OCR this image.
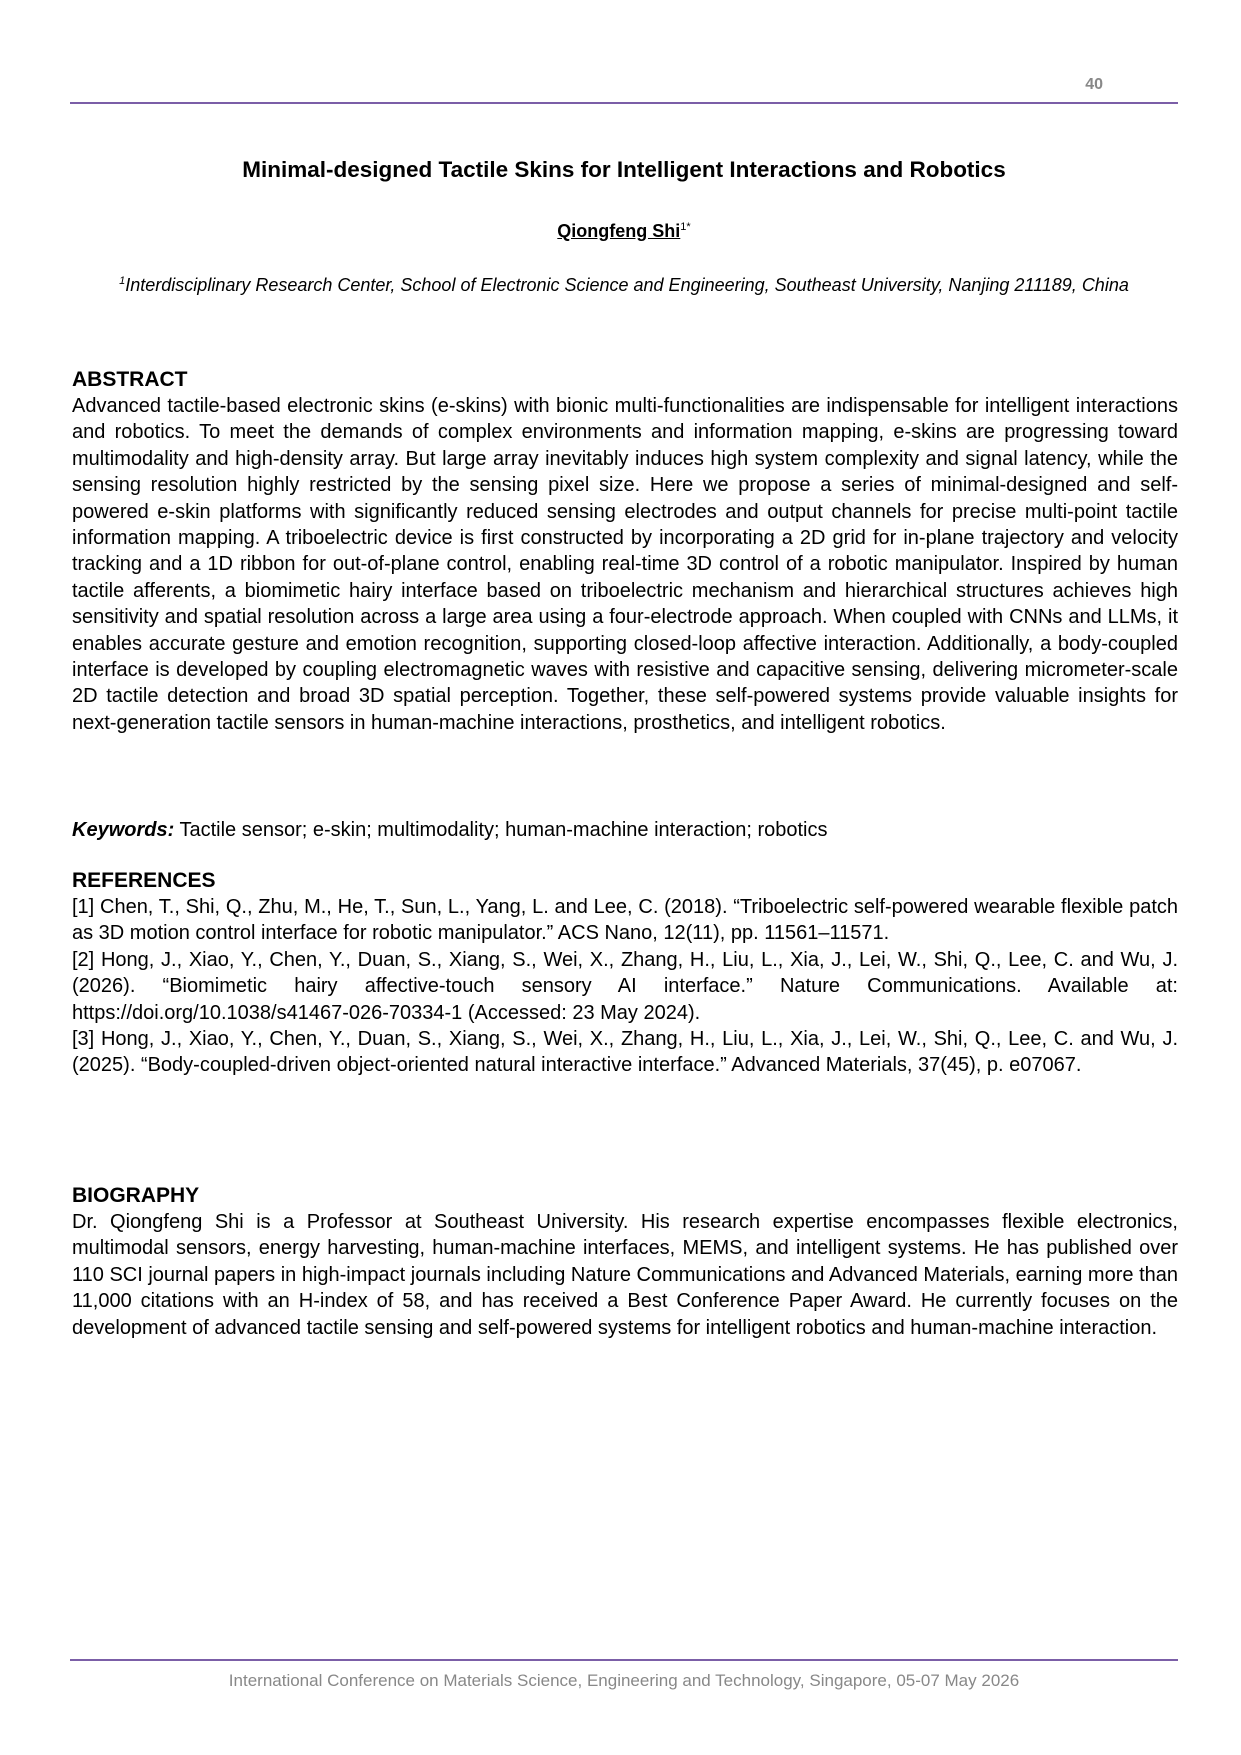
40
Minimal-designed Tactile Skins for Intelligent Interactions and Robotics
Qiongfeng Shi$^{1*}$
$^1$Interdisciplinary Research Center, School of Electronic Science and Engineering, Southeast University, Nanjing 211189, China
ABSTRACT

Advanced tactile-based electronic skins (e-skins) with bionic multi-functionalities are indispensable for intelligent interactions and robotics. To meet the demands of complex environments and information mapping, e-skins are progressing toward multimodality and high-density array. But large array inevitably induces high system complexity and signal latency, while the sensing resolution highly restricted by the sensing pixel size. Here we propose a series of minimal-designed and self-powered e-skin platforms with significantly reduced sensing electrodes and output channels for precise multi-point tactile information mapping. A triboelectric device is first constructed by incorporating a 2D grid for in-plane trajectory and velocity tracking and a 1D ribbon for out-of-plane control, enabling real-time 3D control of a robotic manipulator. Inspired by human tactile afferents, a biomimetic hairy interface based on triboelectric mechanism and hierarchical structures achieves high sensitivity and spatial resolution across a large area using a four-electrode approach. When coupled with CNNs and LLMs, it enables accurate gesture and emotion recognition, supporting closed-loop affective interaction. Additionally, a body-coupled interface is developed by coupling electromagnetic waves with resistive and capacitive sensing, delivering micrometer-scale 2D tactile detection and broad 3D spatial perception. Together, these self-powered systems provide valuable insights for next-generation tactile sensors in human-machine interactions, prosthetics, and intelligent robotics.

Keywords: Tactile sensor; e-skin; multimodality; human-machine interaction; robotics

REFERENCES

[1] Chen, T., Shi, Q., Zhu, M., He, T., Sun, L., Yang, L. and Lee, C. (2018). “Triboelectric self-powered wearable flexible patch as 3D motion control interface for robotic manipulator.” ACS Nano, 12(11), pp. 11561–11571.

[2] Hong, J., Xiao, Y., Chen, Y., Duan, S., Xiang, S., Wei, X., Zhang, H., Liu, L., Xia, J., Lei, W., Shi, Q., Lee, C. and Wu, J. (2026). “Biomimetic hairy affective-touch sensory AI interface.” Nature Communications. Available at: https://doi.org/10.1038/s41467-026-70334-1 (Accessed: 23 May 2024).

[3] Hong, J., Xiao, Y., Chen, Y., Duan, S., Xiang, S., Wei, X., Zhang, H., Liu, L., Xia, J., Lei, W., Shi, Q., Lee, C. and Wu, J. (2025). “Body-coupled-driven object-oriented natural interactive interface.” Advanced Materials, 37(45), p. e07067.

BIOGRAPHY

Dr. Qiongfeng Shi is a Professor at Southeast University. His research expertise encompasses flexible electronics, multimodal sensors, energy harvesting, human-machine interfaces, MEMS, and intelligent systems. He has published over 110 SCI journal papers in high-impact journals including Nature Communications and Advanced Materials, earning more than 11,000 citations with an H-index of 58, and has received a Best Conference Paper Award. He currently focuses on the development of advanced tactile sensing and self-powered systems for intelligent robotics and human-machine interaction.

International Conference on Materials Science, Engineering and Technology, Singapore, 05-07 May 2026
